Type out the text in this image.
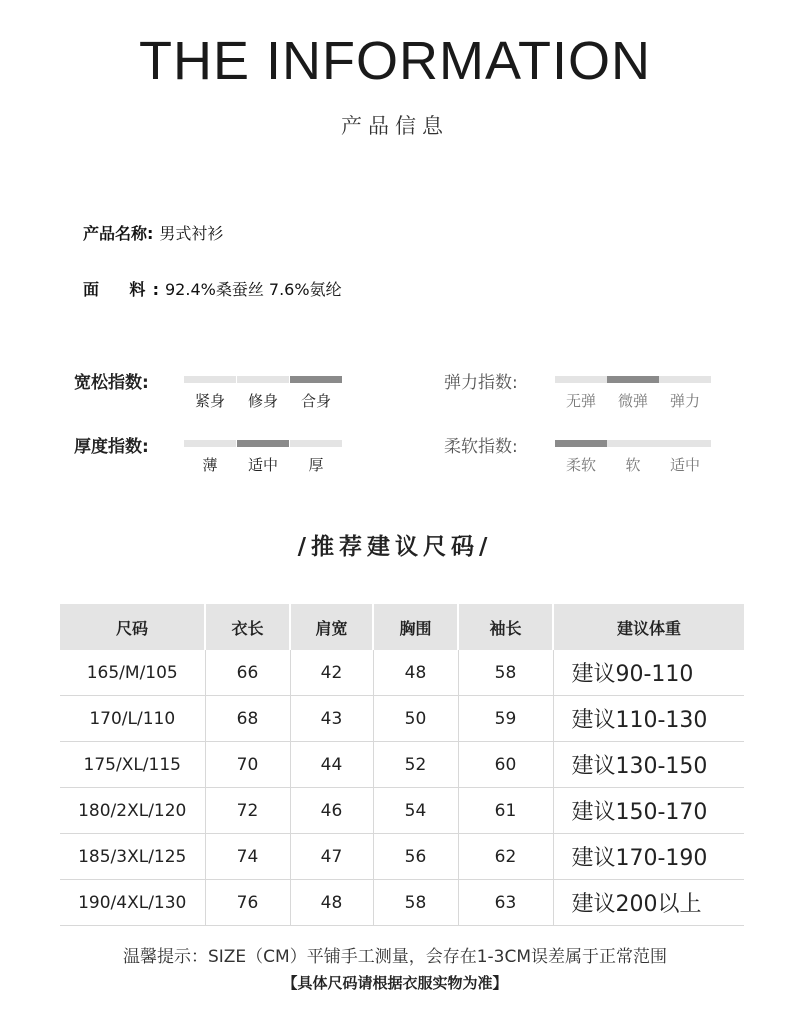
THE INFORMATION
产品信息
产品名称: 男式衬衫
面　料: 92.4%桑蚕丝 7.6%氨纶
宽松指数:
紧身	修身	合身
弹力指数:
无弹	微弹	弹力
厚度指数:
薄	适中	厚
柔软指数:
柔软	软	适中
/推荐建议尺码/
尺码	衣长	肩宽	胸围	袖长	建议体重
165/M/105	66	42	48	58	建议90-110
170/L/110	68	43	50	59	建议110-130
175/XL/115	70	44	52	60	建议130-150
180/2XL/120	72	46	54	61	建议150-170
185/3XL/125	74	47	56	62	建议170-190
190/4XL/130	76	48	58	63	建议200以上
温馨提示：SIZE（CM）平铺手工测量，会存在1-3CM误差属于正常范围
【具体尺码请根据衣服实物为准】
